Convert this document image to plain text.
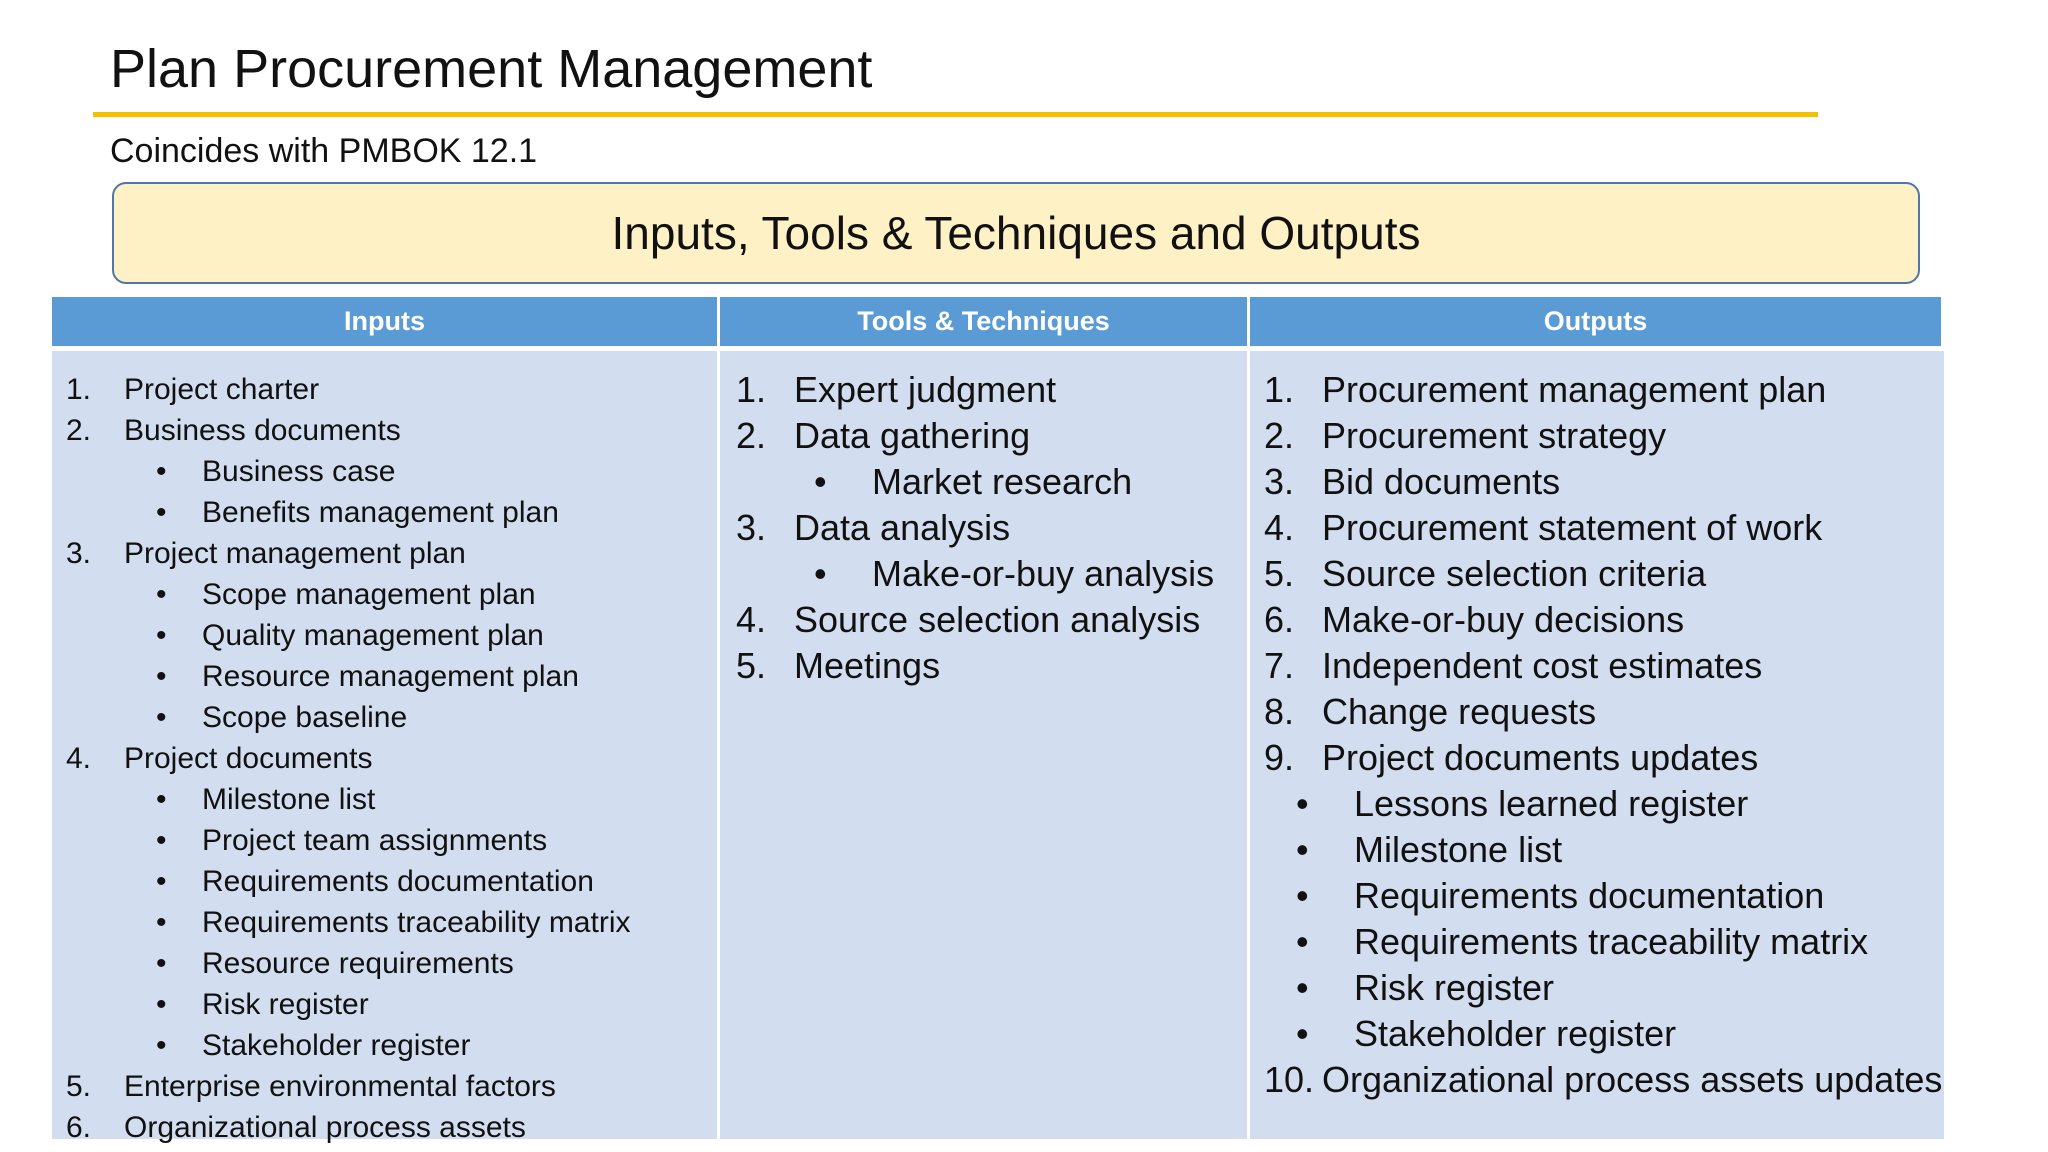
Plan Procurement Management
Coincides with PMBOK 12.1
Inputs, Tools & Techniques and Outputs
Inputs	Tools & Techniques	Outputs
1. Project charter
2. Business documents
• Business case
• Benefits management plan
3. Project management plan
• Scope management plan
• Quality management plan
• Resource management plan
• Scope baseline
4. Project documents
• Milestone list
• Project team assignments
• Requirements documentation
• Requirements traceability matrix
• Resource requirements
• Risk register
• Stakeholder register
5. Enterprise environmental factors
6. Organizational process assets
1. Expert judgment
2. Data gathering
• Market research
3. Data analysis
• Make-or-buy analysis
4. Source selection analysis
5. Meetings
1. Procurement management plan
2. Procurement strategy
3. Bid documents
4. Procurement statement of work
5. Source selection criteria
6. Make-or-buy decisions
7. Independent cost estimates
8. Change requests
9. Project documents updates
• Lessons learned register
• Milestone list
• Requirements documentation
• Requirements traceability matrix
• Risk register
• Stakeholder register
10. Organizational process assets updates
